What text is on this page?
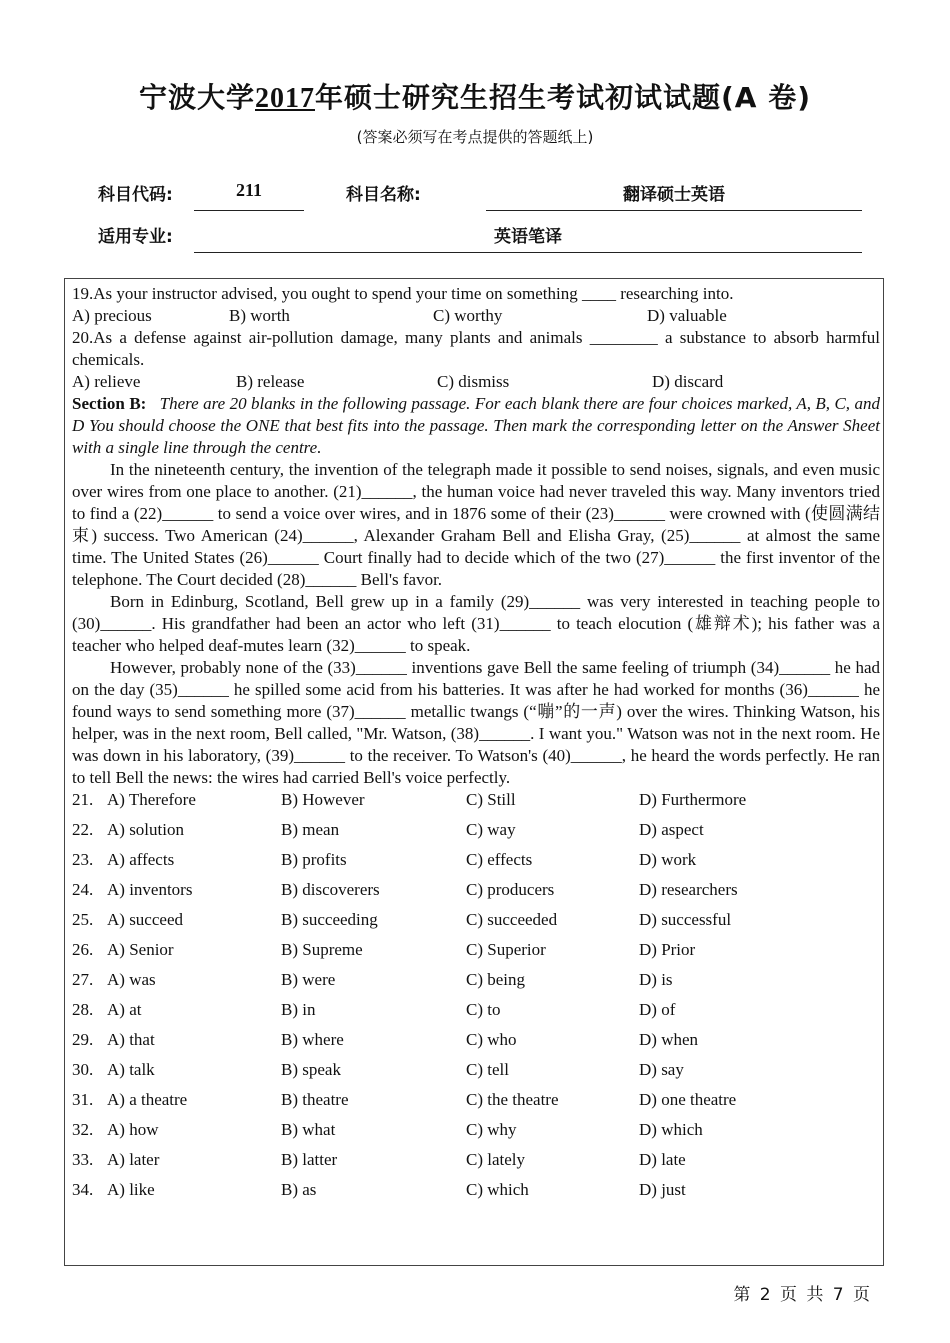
宁波大学2017年硕士研究生招生考试初试试题(A 卷)
(答案必须写在考点提供的答题纸上)
科目代码:	211	科目名称:	翻译硕士英语
适用专业:	英语笔译

19.As your instructor advised, you ought to spend your time on something ____ researching into.

A) precious	B) worth	C) worthy	D) valuable

20.As a defense against air-pollution damage, many plants and animals ________ a substance to absorb harmful chemicals.

A) relieve	B) release	C) dismiss	D) discard

Section B: There are 20 blanks in the following passage. For each blank there are four choices marked, A, B, C, and D You should choose the ONE that best fits into the passage. Then mark the corresponding letter on the Answer Sheet with a single line through the centre.

In the nineteenth century, the invention of the telegraph made it possible to send noises, signals, and even music over wires from one place to another. (21)______, the human voice had never traveled this way. Many inventors tried to find a (22)______ to send a voice over wires, and in 1876 some of their (23)______ were crowned with (使圆满结束) success. Two American (24)______, Alexander Graham Bell and Elisha Gray, (25)______ at almost the same time. The United States (26)______ Court finally had to decide which of the two (27)______ the first inventor of the telephone. The Court decided (28)______ Bell's favor.

Born in Edinburg, Scotland, Bell grew up in a family (29)______ was very interested in teaching people to (30)______. His grandfather had been an actor who left (31)______ to teach elocution (雄辩术); his father was a teacher who helped deaf-mutes learn (32)______ to speak.

However, probably none of the (33)______ inventions gave Bell the same feeling of triumph (34)______ he had on the day (35)______ he spilled some acid from his batteries. It was after he had worked for months (36)______ he found ways to send something more (37)______ metallic twangs (“嘣”的一声) over the wires. Thinking Watson, his helper, was in the next room, Bell called, "Mr. Watson, (38)______. I want you." Watson was not in the next room. He was down in his laboratory, (39)______ to the receiver. To Watson's (40)______, he heard the words perfectly. He ran to tell Bell the news: the wires had carried Bell's voice perfectly.

21. A) Therefore	B) However	C) Still	D) Furthermore
22. A) solution	B) mean	C) way	D) aspect
23. A) affects	B) profits	C) effects	D) work
24. A) inventors	B) discoverers	C) producers	D) researchers
25. A) succeed	B) succeeding	C) succeeded	D) successful
26. A) Senior	B) Supreme	C) Superior	D) Prior
27. A) was	B) were	C) being	D) is
28. A) at	B) in	C) to	D) of
29. A) that	B) where	C) who	D) when
30. A) talk	B) speak	C) tell	D) say
31. A) a theatre	B) theatre	C) the theatre	D) one theatre
32. A) how	B) what	C) why	D) which
33. A) later	B) latter	C) lately	D) late
34. A) like	B) as	C) which	D) just
第 2 页 共 7 页
